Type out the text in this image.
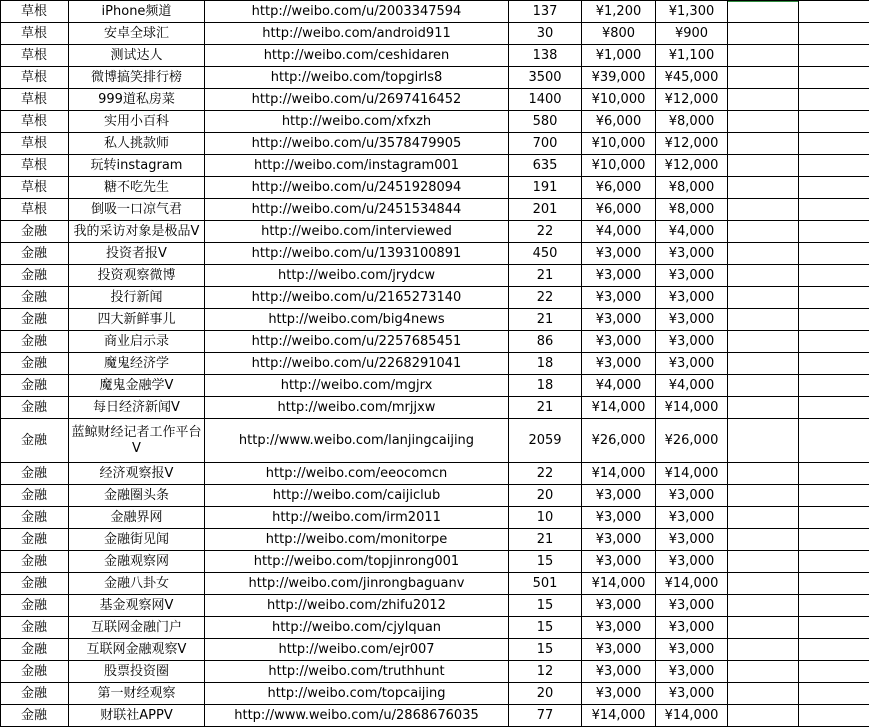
草根	iPhone频道	http://weibo.com/u/2003347594	137	¥1,200	¥1,300		
草根	安卓全球汇	http://weibo.com/android911	30	¥800	¥900		
草根	测试达人	http://weibo.com/ceshidaren	138	¥1,000	¥1,100		
草根	微博搞笑排行榜	http://weibo.com/topgirls8	3500	¥39,000	¥45,000		
草根	999道私房菜	http://weibo.com/u/2697416452	1400	¥10,000	¥12,000		
草根	实用小百科	http://weibo.com/xfxzh	580	¥6,000	¥8,000		
草根	私人挑款师	http://weibo.com/u/3578479905	700	¥10,000	¥12,000		
草根	玩转instagram	http://weibo.com/instagram001	635	¥10,000	¥12,000		
草根	糖不吃先生	http://weibo.com/u/2451928094	191	¥6,000	¥8,000		
草根	倒吸一口凉气君	http://weibo.com/u/2451534844	201	¥6,000	¥8,000		
金融	我的采访对象是极品V	http://weibo.com/interviewed	22	¥4,000	¥4,000		
金融	投资者报V	http://weibo.com/u/1393100891	450	¥3,000	¥3,000		
金融	投资观察微博	http://weibo.com/jrydcw	21	¥3,000	¥3,000		
金融	投行新闻	http://weibo.com/u/2165273140	22	¥3,000	¥3,000		
金融	四大新鲜事儿	http://weibo.com/big4news	21	¥3,000	¥3,000		
金融	商业启示录	http://weibo.com/u/2257685451	86	¥3,000	¥3,000		
金融	魔鬼经济学	http://weibo.com/u/2268291041	18	¥3,000	¥3,000		
金融	魔鬼金融学V	http://weibo.com/mgjrx	18	¥4,000	¥4,000		
金融	每日经济新闻V	http://weibo.com/mrjjxw	21	¥14,000	¥14,000		
金融	蓝鲸财经记者工作平台V	http://www.weibo.com/lanjingcaijing	2059	¥26,000	¥26,000		
金融	经济观察报V	http://weibo.com/eeocomcn	22	¥14,000	¥14,000		
金融	金融圈头条	http://weibo.com/caijiclub	20	¥3,000	¥3,000		
金融	金融界网	http://weibo.com/irm2011	10	¥3,000	¥3,000		
金融	金融街见闻	http://weibo.com/monitorpe	21	¥3,000	¥3,000		
金融	金融观察网	http://weibo.com/topjinrong001	15	¥3,000	¥3,000		
金融	金融八卦女	http://weibo.com/jinrongbaguanv	501	¥14,000	¥14,000		
金融	基金观察网V	http://weibo.com/zhifu2012	15	¥3,000	¥3,000		
金融	互联网金融门户	http://weibo.com/cjylquan	15	¥3,000	¥3,000		
金融	互联网金融观察V	http://weibo.com/ejr007	15	¥3,000	¥3,000		
金融	股票投资圈	http://weibo.com/truthhunt	12	¥3,000	¥3,000		
金融	第一财经观察	http://weibo.com/topcaijing	20	¥3,000	¥3,000		
金融	财联社APPV	http://www.weibo.com/u/2868676035	77	¥14,000	¥14,000		
